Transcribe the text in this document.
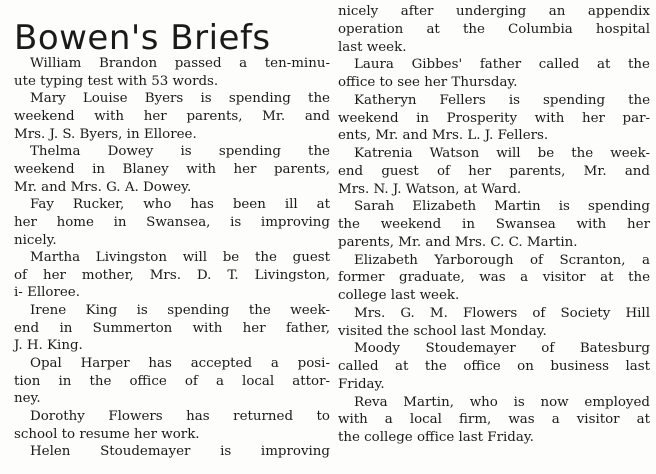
Bowen's Briefs
William Brandon passed a ten-minu-
ute typing test with 53 words.
Mary Louise Byers is spending the
weekend with her parents, Mr. and
Mrs. J. S. Byers, in Elloree.
Thelma Dowey is spending the
weekend in Blaney with her parents,
Mr. and Mrs. G. A. Dowey.
Fay Rucker, who has been ill at
her home in Swansea, is improving
nicely.
Martha Livingston will be the guest
of her mother, Mrs. D. T. Livingston,
i- Elloree.
Irene King is spending the week-
end in Summerton with her father,
J. H. King.
Opal Harper has accepted a posi-
tion in the office of a local attor-
ney.
Dorothy Flowers has returned to
school to resume her work.
Helen Stoudemayer is improving
nicely after underging an appendix
operation at the Columbia hospital
last week.
Laura Gibbes' father called at the
office to see her Thursday.
Katheryn Fellers is spending the
weekend in Prosperity with her par-
ents, Mr. and Mrs. L. J. Fellers.
Katrenia Watson will be the week-
end guest of her parents, Mr. and
Mrs. N. J. Watson, at Ward.
Sarah Elizabeth Martin is spending
the weekend in Swansea with her
parents, Mr. and Mrs. C. C. Martin.
Elizabeth Yarborough of Scranton, a
former graduate, was a visitor at the
college last week.
Mrs. G. M. Flowers of Society Hill
visited the school last Monday.
Moody Stoudemayer of Batesburg
called at the office on business last
Friday.
Reva Martin, who is now employed
with a local firm, was a visitor at
the college office last Friday.
